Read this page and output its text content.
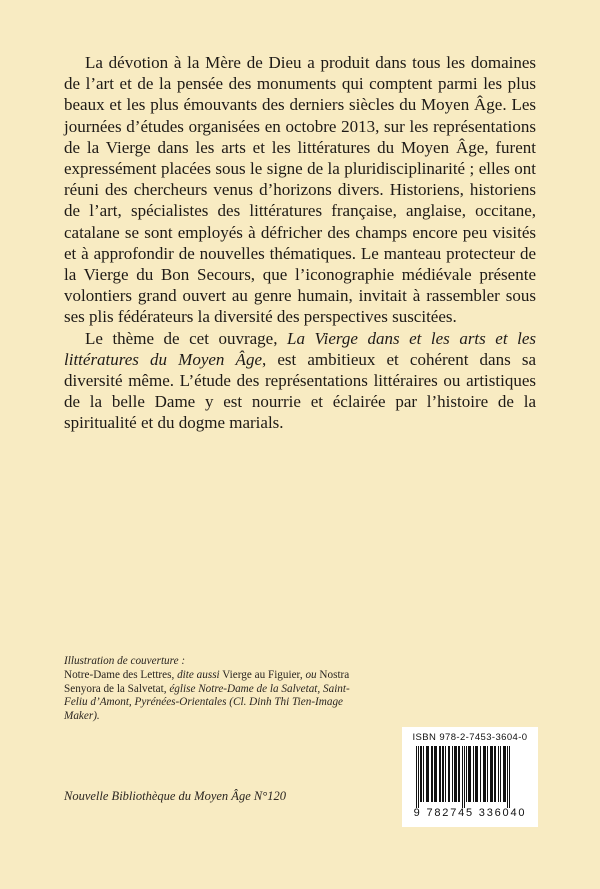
La dévotion à la Mère de Dieu a produit dans tous les domaines de l’art et de la pensée des monuments qui comptent parmi les plus beaux et les plus émouvants des derniers siècles du Moyen Âge. Les journées d’études organisées en octobre 2013, sur les représentations de la Vierge dans les arts et les littératures du Moyen Âge, furent expressément placées sous le signe de la pluridisciplinarité ; elles ont réuni des chercheurs venus d’horizons divers. Historiens, historiens de l’art, spécialistes des littératures française, anglaise, occitane, catalane se sont employés à défricher des champs encore peu visités et à approfondir de nouvelles thématiques. Le manteau protecteur de la Vierge du Bon Secours, que l’iconographie médiévale présente volontiers grand ouvert au genre humain, invitait à rassembler sous ses plis fédérateurs la diversité des perspectives suscitées.

Le thème de cet ouvrage, La Vierge dans et les arts et les littératures du Moyen Âge, est ambitieux et cohérent dans sa diversité même. L’étude des représentations littéraires ou artistiques de la belle Dame y est nourrie et éclairée par l’histoire de la spiritualité et du dogme marials.

Illustration de couverture :
Notre-Dame des Lettres, dite aussi Vierge au Figuier, ou Nostra Senyora de la Salvetat, église Notre-Dame de la Salvetat, Saint-Feliu d’Amont, Pyrénées-Orientales (Cl. Dinh Thi Tien-Image Maker).
Nouvelle Bibliothèque du Moyen Âge N°120
ISBN 978-2-7453-3604-0
9 782745 336040
